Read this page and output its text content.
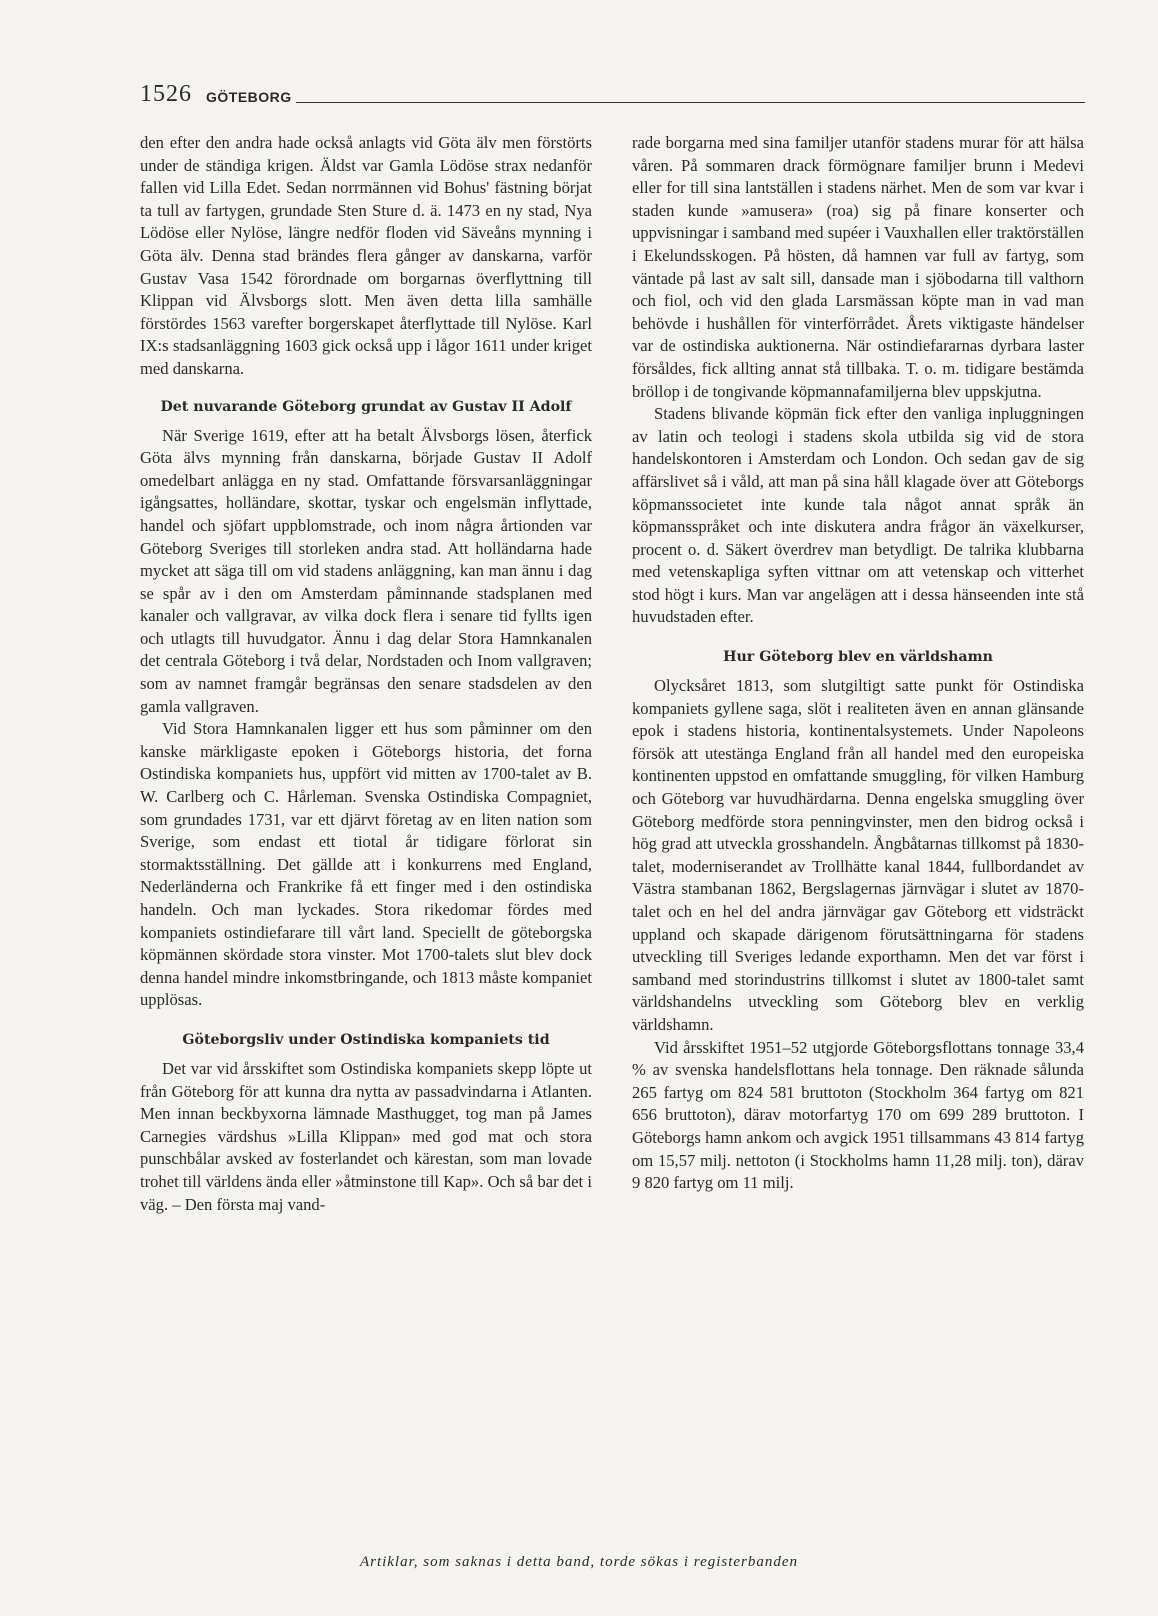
1526 GÖTEBORG

den efter den andra hade också anlagts vid Göta älv men förstörts under de ständiga krigen. Äldst var Gamla Lödöse strax nedanför fallen vid Lilla Edet. Sedan norrmännen vid Bohus' fästning börjat ta tull av fartygen, grundade Sten Sture d. ä. 1473 en ny stad, Nya Lödöse eller Nylöse, längre nedför floden vid Säveåns mynning i Göta älv. Denna stad brändes flera gånger av danskarna, varför Gustav Vasa 1542 förordnade om borgarnas överflyttning till Klippan vid Älvsborgs slott. Men även detta lilla samhälle förstördes 1563 varefter borgerskapet återflyttade till Nylöse. Karl IX:s stadsanläggning 1603 gick också upp i lågor 1611 under kriget med danskarna.

Det nuvarande Göteborg grundat av Gustav II Adolf

När Sverige 1619, efter att ha betalt Älvsborgs lösen, återfick Göta älvs mynning från danskarna, började Gustav II Adolf omedelbart anlägga en ny stad. Omfattande försvarsanläggningar igångsattes, holländare, skottar, tyskar och engelsmän inflyttade, handel och sjöfart uppblomstrade, och inom några årtionden var Göteborg Sveriges till storleken andra stad. Att holländarna hade mycket att säga till om vid stadens anläggning, kan man ännu i dag se spår av i den om Amsterdam påminnande stadsplanen med kanaler och vallgravar, av vilka dock flera i senare tid fyllts igen och utlagts till huvudgator. Ännu i dag delar Stora Hamnkanalen det centrala Göteborg i två delar, Nordstaden och Inom vallgraven; som av namnet framgår begränsas den senare stadsdelen av den gamla vallgraven.

Vid Stora Hamnkanalen ligger ett hus som påminner om den kanske märkligaste epoken i Göteborgs historia, det forna Ostindiska kompaniets hus, uppfört vid mitten av 1700-talet av B. W. Carlberg och C. Hårleman. Svenska Ostindiska Compagniet, som grundades 1731, var ett djärvt företag av en liten nation som Sverige, som endast ett tiotal år tidigare förlorat sin stormaktsställning. Det gällde att i konkurrens med England, Nederländerna och Frankrike få ett finger med i den ostindiska handeln. Och man lyckades. Stora rikedomar fördes med kompaniets ostindiefarare till vårt land. Speciellt de göteborgska köpmännen skördade stora vinster. Mot 1700-talets slut blev dock denna handel mindre inkomstbringande, och 1813 måste kompaniet upplösas.

Göteborgsliv under Ostindiska kompaniets tid

Det var vid årsskiftet som Ostindiska kompaniets skepp löpte ut från Göteborg för att kunna dra nytta av passadvindarna i Atlanten. Men innan beckbyxorna lämnade Masthugget, tog man på James Carnegies värdshus »Lilla Klippan» med god mat och stora punschbålar avsked av fosterlandet och kärestan, som man lovade trohet till världens ända eller »åtminstone till Kap». Och så bar det i väg. – Den första maj vand-

rade borgarna med sina familjer utanför stadens murar för att hälsa våren. På sommaren drack förmögnare familjer brunn i Medevi eller for till sina lantställen i stadens närhet. Men de som var kvar i staden kunde »amusera» (roa) sig på finare konserter och uppvisningar i samband med supéer i Vauxhallen eller traktörställen i Ekelundsskogen. På hösten, då hamnen var full av fartyg, som väntade på last av salt sill, dansade man i sjöbodarna till valthorn och fiol, och vid den glada Larsmässan köpte man in vad man behövde i hushållen för vinterförrådet. Årets viktigaste händelser var de ostindiska auktionerna. När ostindiefararnas dyrbara laster försåldes, fick allting annat stå tillbaka. T. o. m. tidigare bestämda bröllop i de tongivande köpmannafamiljerna blev uppskjutna.

Stadens blivande köpmän fick efter den vanliga inpluggningen av latin och teologi i stadens skola utbilda sig vid de stora handelskontoren i Amsterdam och London. Och sedan gav de sig affärslivet så i våld, att man på sina håll klagade över att Göteborgs köpmanssocietet inte kunde tala något annat språk än köpmansspråket och inte diskutera andra frågor än växelkurser, procent o. d. Säkert överdrev man betydligt. De talrika klubbarna med vetenskapliga syften vittnar om att vetenskap och vitterhet stod högt i kurs. Man var angelägen att i dessa hänseenden inte stå huvudstaden efter.

Hur Göteborg blev en världshamn

Olycksåret 1813, som slutgiltigt satte punkt för Ostindiska kompaniets gyllene saga, slöt i realiteten även en annan glänsande epok i stadens historia, kontinentalsystemets. Under Napoleons försök att utestänga England från all handel med den europeiska kontinenten uppstod en omfattande smuggling, för vilken Hamburg och Göteborg var huvudhärdarna. Denna engelska smuggling över Göteborg medförde stora penningvinster, men den bidrog också i hög grad att utveckla grosshandeln. Ångbåtarnas tillkomst på 1830-talet, moderniserandet av Trollhätte kanal 1844, fullbordandet av Västra stambanan 1862, Bergslagernas järnvägar i slutet av 1870-talet och en hel del andra järnvägar gav Göteborg ett vidsträckt uppland och skapade därigenom förutsättningarna för stadens utveckling till Sveriges ledande exporthamn. Men det var först i samband med storindustrins tillkomst i slutet av 1800-talet samt världshandelns utveckling som Göteborg blev en verklig världshamn.

Vid årsskiftet 1951–52 utgjorde Göteborgsflottans tonnage 33,4 % av svenska handelsflottans hela tonnage. Den räknade sålunda 265 fartyg om 824 581 bruttoton (Stockholm 364 fartyg om 821 656 bruttoton), därav motorfartyg 170 om 699 289 bruttoton. I Göteborgs hamn ankom och avgick 1951 tillsammans 43 814 fartyg om 15,57 milj. nettoton (i Stockholms hamn 11,28 milj. ton), därav 9 820 fartyg om 11 milj.

Artiklar, som saknas i detta band, torde sökas i registerbanden
